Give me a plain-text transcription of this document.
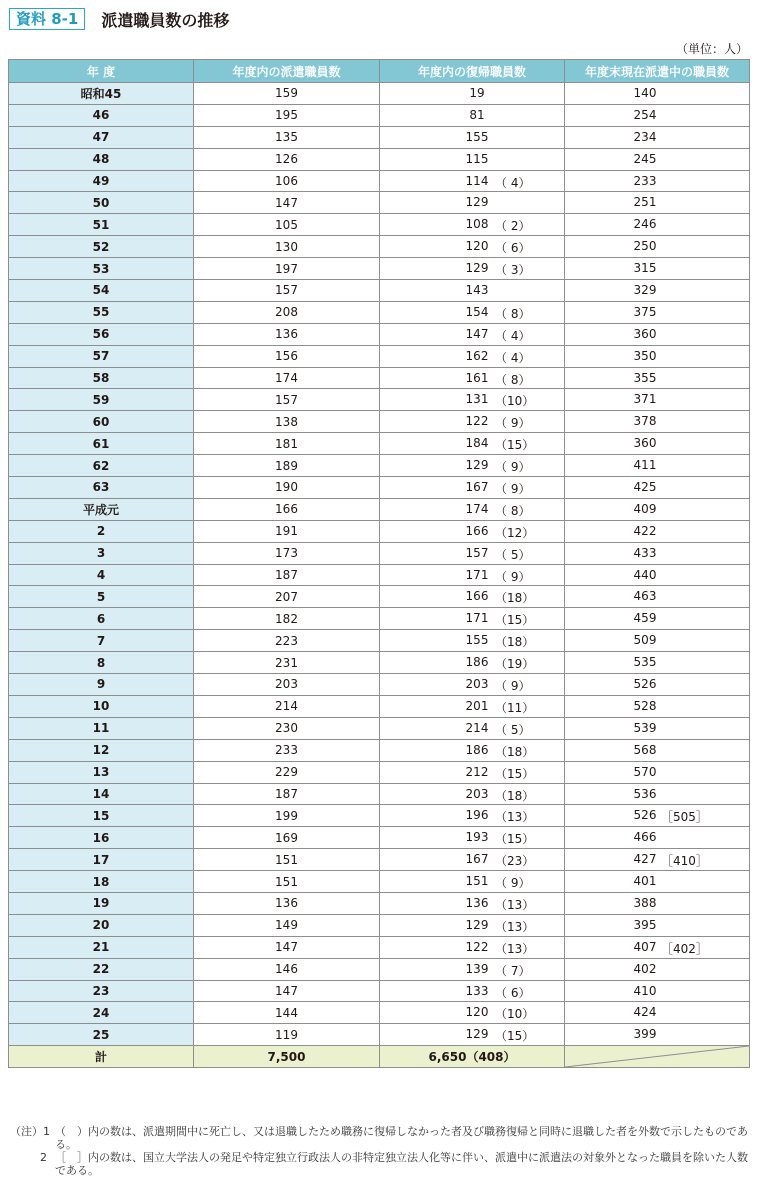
資料 8-1	派遣職員数の推移
（単位：人）
年 度	年度内の派遣職員数	年度内の復帰職員数	年度末現在派遣中の職員数
昭和45	159	19	140

46	195	81	254

47	135	155	234

48	126	115	245

49	106	114 （ 4）	233

50	147	129	251

51	105	108 （ 2）	246

52	130	120 （ 6）	250

53	197	129 （ 3）	315

54	157	143	329

55	208	154 （ 8）	375

56	136	147 （ 4）	360

57	156	162 （ 4）	350

58	174	161 （ 8）	355

59	157	131 （10）	371

60	138	122 （ 9）	378

61	181	184 （15）	360

62	189	129 （ 9）	411

63	190	167 （ 9）	425

平成元	166	174 （ 8）	409

2	191	166 （12）	422

3	173	157 （ 5）	433

4	187	171 （ 9）	440

5	207	166 （18）	463

6	182	171 （15）	459

7	223	155 （18）	509

8	231	186 （19）	535

9	203	203 （ 9）	526

10	214	201 （11）	528

11	230	214 （ 5）	539

12	233	186 （18）	568

13	229	212 （15）	570

14	187	203 （18）	536

15	199	196 （13）	526 ［505］

16	169	193 （15）	466

17	151	167 （23）	427 ［410］

18	151	151 （ 9）	401

19	136	136 （13）	388

20	149	129 （13）	395

21	147	122 （13）	407 ［402］

22	146	139 （ 7）	402

23	147	133 （ 6）	410

24	144	120 （10）	424

25	119	129 （15）	399

計	7,500	6,650（408）	
（注）1 （　）内の数は、派遣期間中に死亡し、又は退職したため職務に復帰しなかった者及び職務復帰と同時に退職した者を外数で示したものである。
2 ［　］内の数は、国立大学法人の発足や特定独立行政法人の非特定独立法人化等に伴い、派遣中に派遣法の対象外となった職員を除いた人数である。
